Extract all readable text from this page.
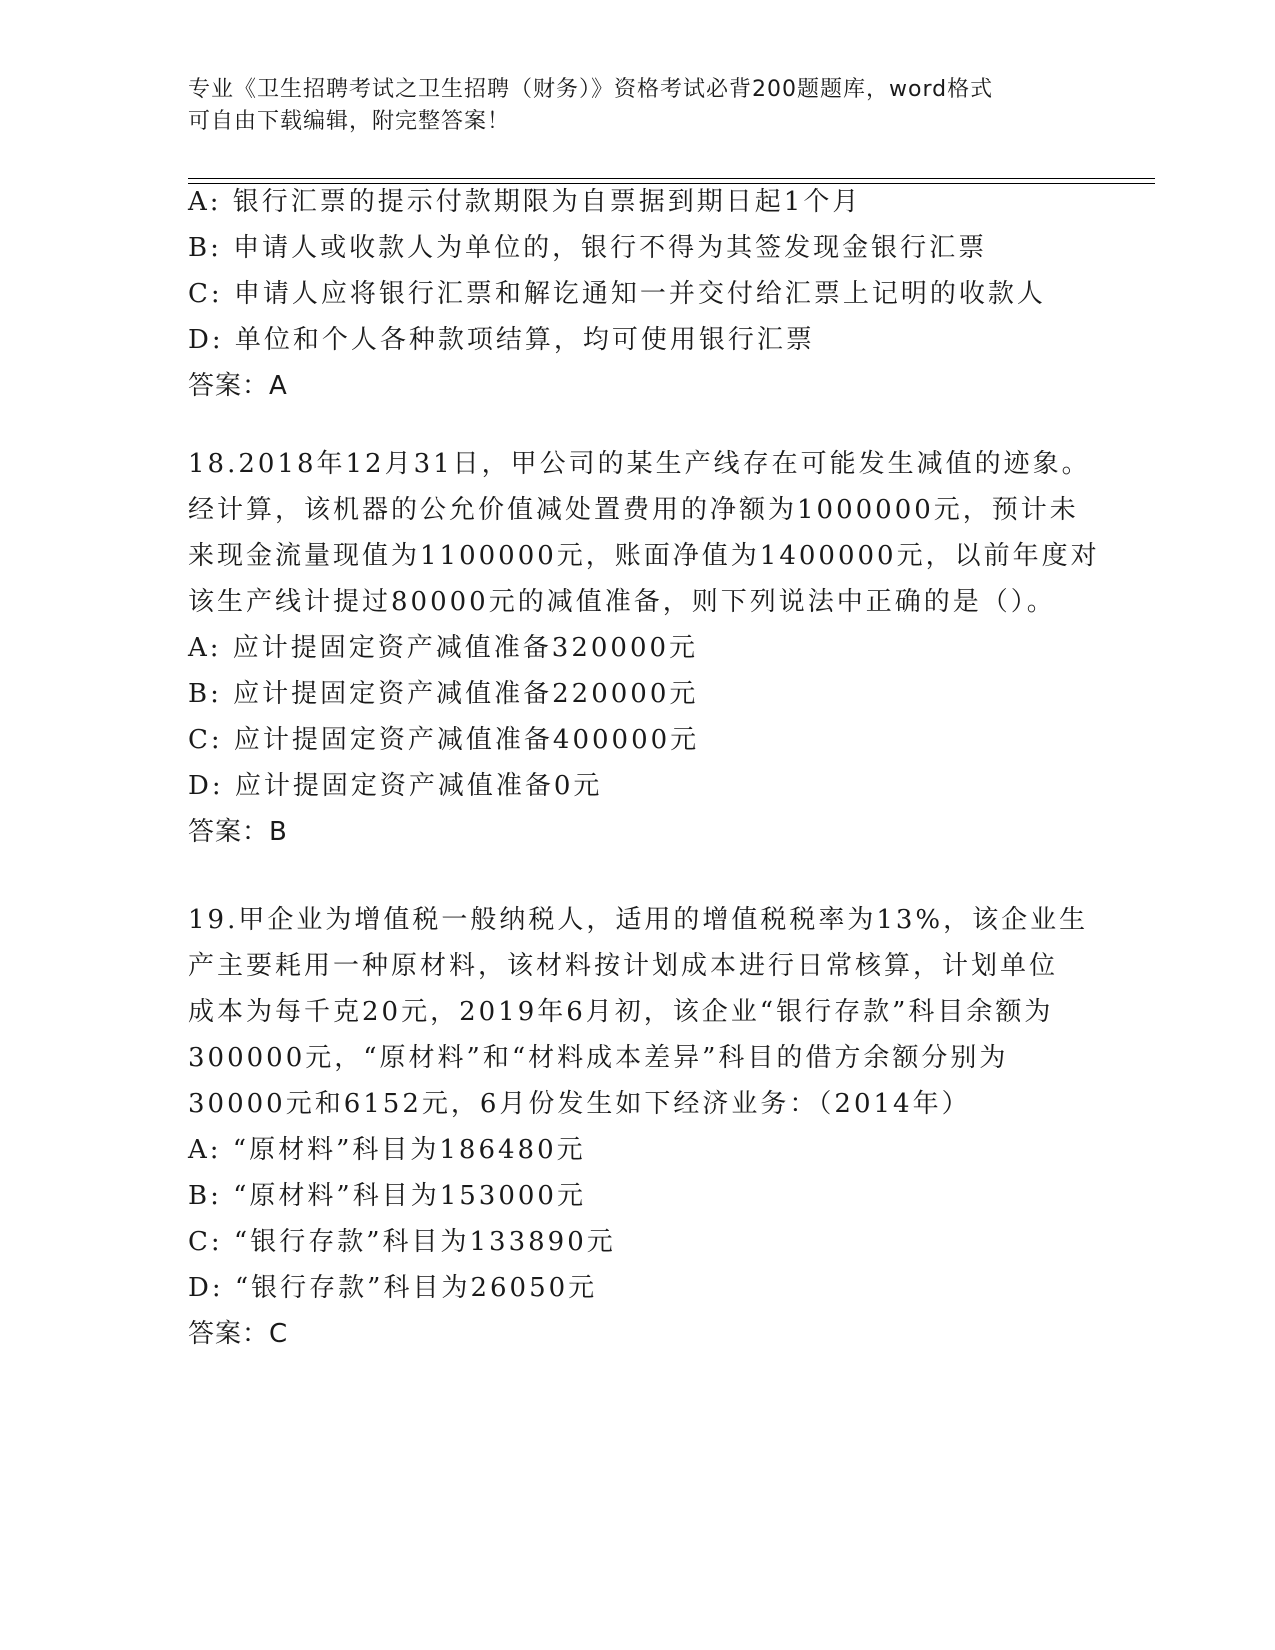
专业《卫生招聘考试之卫生招聘（财务）》资格考试必背200题题库，word格式
可自由下载编辑，附完整答案！
A: 银行汇票的提示付款期限为自票据到期日起1个月
B: 申请人或收款人为单位的，银行不得为其签发现金银行汇票
C: 申请人应将银行汇票和解讫通知一并交付给汇票上记明的收款人
D: 单位和个人各种款项结算，均可使用银行汇票
答案：A
18.2018年12月31日，甲公司的某生产线存在可能发生减值的迹象。
经计算，该机器的公允价值减处置费用的净额为1000000元，预计未
来现金流量现值为1100000元，账面净值为1400000元，以前年度对
该生产线计提过80000元的减值准备，则下列说法中正确的是（）。
A: 应计提固定资产减值准备320000元
B: 应计提固定资产减值准备220000元
C: 应计提固定资产减值准备400000元
D: 应计提固定资产减值准备0元
答案：B
19.甲企业为增值税一般纳税人，适用的增值税税率为13%，该企业生
产主要耗用一种原材料，该材料按计划成本进行日常核算，计划单位
成本为每千克20元，2019年6月初，该企业“银行存款”科目余额为
300000元，“原材料”和“材料成本差异”科目的借方余额分别为
30000元和6152元，6月份发生如下经济业务：（2014年）
A: “原材料”科目为186480元
B: “原材料”科目为153000元
C: “银行存款”科目为133890元
D: “银行存款”科目为26050元
答案：C
